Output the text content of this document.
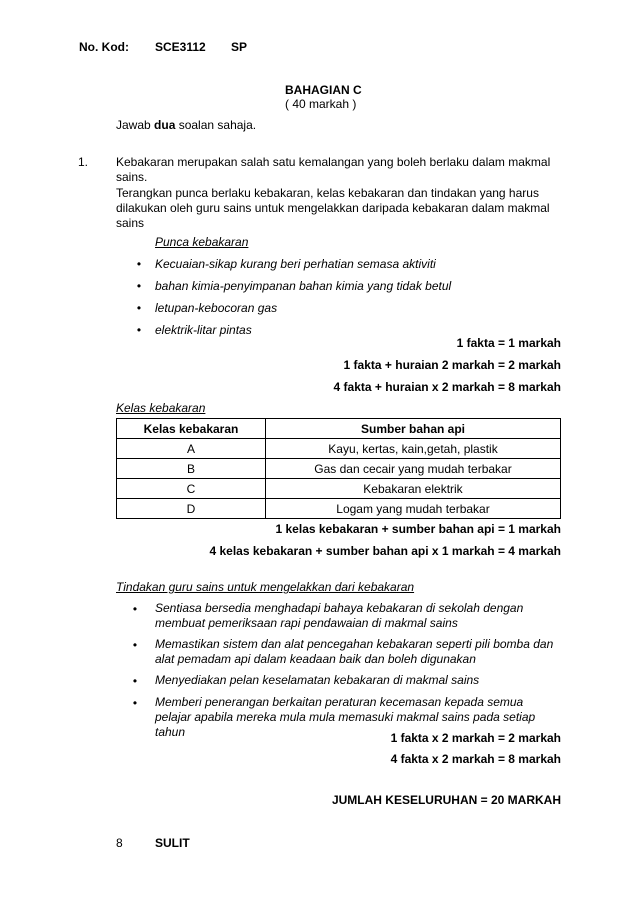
No. Kod: SCE3112 SP
BAHAGIAN C
( 40 markah )
Jawab dua soalan sahaja.
1. Kebakaran merupakan salah satu kemalangan yang boleh berlaku dalam makmal sains.
Terangkan punca berlaku kebakaran, kelas kebakaran dan tindakan yang harus dilakukan oleh guru sains untuk mengelakkan daripada kebakaran dalam makmal sains
Punca kebakaran
• Kecuaian-sikap kurang beri perhatian semasa aktiviti
• bahan kimia-penyimpanan bahan kimia yang tidak betul
• letupan-kebocoran gas
• elektrik-litar pintas
1 fakta = 1 markah
1 fakta + huraian 2 markah = 2 markah
4 fakta + huraian x 2 markah = 8 markah
Kelas kebakaran
Kelas kebakaran	Sumber bahan api
A	Kayu, kertas, kain,getah, plastik
B	Gas dan cecair yang mudah terbakar
C	Kebakaran elektrik
D	Logam yang mudah terbakar
1 kelas kebakaran + sumber bahan api = 1 markah
4 kelas kebakaran + sumber bahan api x 1 markah = 4 markah
Tindakan guru sains untuk mengelakkan dari kebakaran
• Sentiasa bersedia menghadapi bahaya kebakaran di sekolah dengan membuat pemeriksaan rapi pendawaian di makmal sains
• Memastikan sistem dan alat pencegahan kebakaran seperti pili bomba dan alat pemadam api dalam keadaan baik dan boleh digunakan
• Menyediakan pelan keselamatan kebakaran di makmal sains
• Memberi penerangan berkaitan peraturan kecemasan kepada semua pelajar apabila mereka mula mula memasuki makmal sains pada setiap tahun	1 fakta x 2 markah = 2 markah
4 fakta x 2 markah = 8 markah
JUMLAH KESELURUHAN = 20 MARKAH
8	SULIT
